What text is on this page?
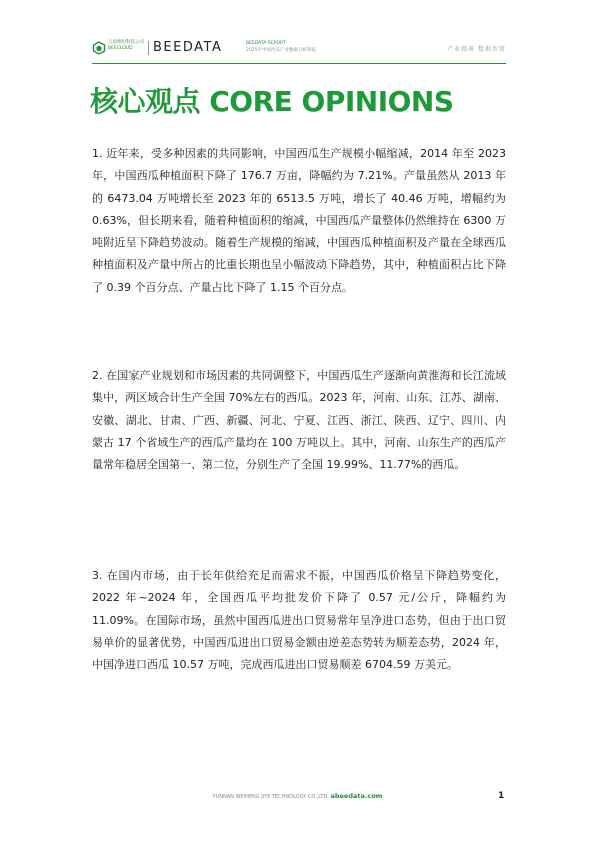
云南维恒科技公司
BEECLOUD	BEEDATA	BEEDATA REPORT
2025年中国西瓜产业数据分析简报	产业精研 数据智简
核心观点 CORE OPINIONS
1. 近年来，受多种因素的共同影响，中国西瓜生产规模小幅缩减，2014 年至 2023 年，中国西瓜种植面积下降了 176.7 万亩，降幅约为 7.21%。产量虽然从 2013 年的 6473.04 万吨增长至 2023 年的 6513.5 万吨，增长了 40.46 万吨，增幅约为 0.63%，但长期来看，随着种植面积的缩减，中国西瓜产量整体仍然维持在 6300 万吨附近呈下降趋势波动。随着生产规模的缩减，中国西瓜种植面积及产量在全球西瓜种植面积及产量中所占的比重长期也呈小幅波动下降趋势，其中，种植面积占比下降了 0.39 个百分点、产量占比下降了 1.15 个百分点。
2. 在国家产业规划和市场因素的共同调整下，中国西瓜生产逐渐向黄淮海和长江流域集中，两区域合计生产全国 70%左右的西瓜。2023 年，河南、山东、江苏、湖南、安徽、湖北、甘肃、广西、新疆、河北、宁夏、江西、浙江、陕西、辽宁、四川、内蒙古 17 个省域生产的西瓜产量均在 100 万吨以上。其中，河南、山东生产的西瓜产量常年稳居全国第一、第二位，分别生产了全国 19.99%、11.77%的西瓜。
3. 在国内市场，由于长年供给充足而需求不振，中国西瓜价格呈下降趋势变化，2022 年~2024 年，全国西瓜平均批发价下降了 0.57 元/公斤，降幅约为 11.09%。在国际市场，虽然中国西瓜进出口贸易常年呈净进口态势，但由于出口贸易单价的显著优势，中国西瓜进出口贸易金额由逆差态势转为顺差态势，2024 年，中国净进口西瓜 10.57 万吨，完成西瓜进出口贸易顺差 6704.59 万美元。
YUNNAN WEIHENG JIYE TECHNOLOGY CO.,LTD. abeedata.com	1
